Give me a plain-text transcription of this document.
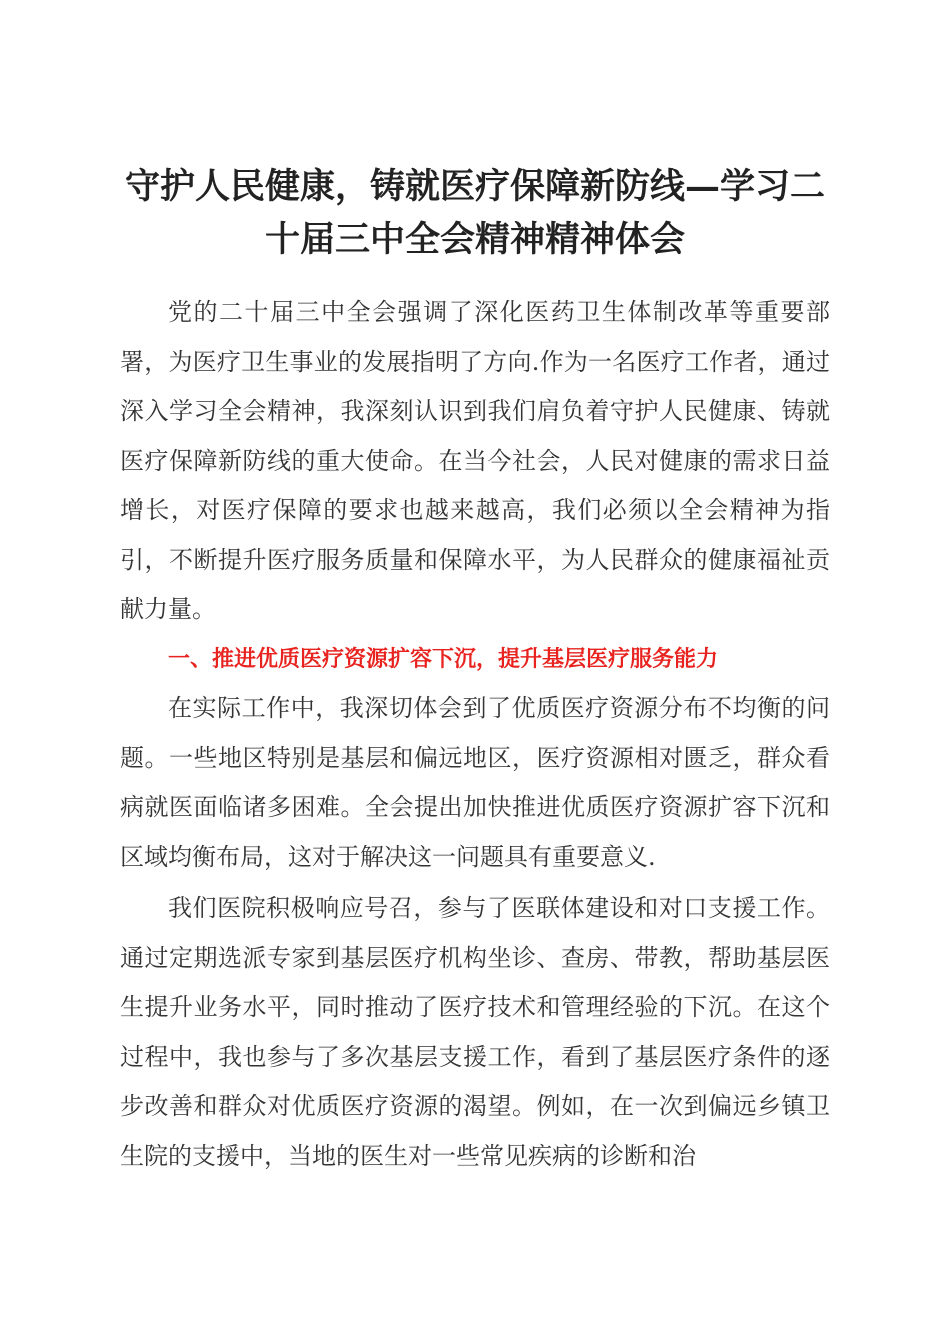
守护人民健康，铸就医疗保障新防线—学习二十届三中全会精神精神体会

党的二十届三中全会强调了深化医药卫生体制改革等重要部署，为医疗卫生事业的发展指明了方向.作为一名医疗工作者，通过深入学习全会精神，我深刻认识到我们肩负着守护人民健康、铸就医疗保障新防线的重大使命。在当今社会，人民对健康的需求日益增长，对医疗保障的要求也越来越高，我们必须以全会精神为指引，不断提升医疗服务质量和保障水平，为人民群众的健康福祉贡献力量。

一、推进优质医疗资源扩容下沉，提升基层医疗服务能力

在实际工作中，我深切体会到了优质医疗资源分布不均衡的问题。一些地区特别是基层和偏远地区，医疗资源相对匮乏，群众看病就医面临诸多困难。全会提出加快推进优质医疗资源扩容下沉和区域均衡布局，这对于解决这一问题具有重要意义.

我们医院积极响应号召，参与了医联体建设和对口支援工作。通过定期选派专家到基层医疗机构坐诊、查房、带教，帮助基层医生提升业务水平，同时推动了医疗技术和管理经验的下沉。在这个过程中，我也参与了多次基层支援工作，看到了基层医疗条件的逐步改善和群众对优质医疗资源的渴望。例如，在一次到偏远乡镇卫生院的支援中，当地的医生对一些常见疾病的诊断和治
